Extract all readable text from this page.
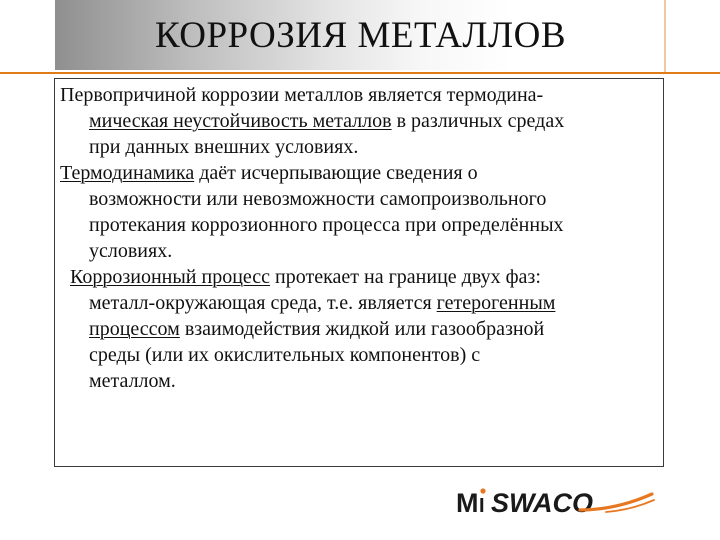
КОРРОЗИЯ МЕТАЛЛОВ

Первопричиной коррозии металлов является термодина-
мическая неустойчивость металлов в различных средах
при данных внешних условиях.

Термодинамика даёт исчерпывающие сведения о
возможности или невозможности самопроизвольного
протекания коррозионного процесса при определённых
условиях.

Коррозионный процесс протекает на границе двух фаз:
металл-окружающая среда, т.е. является гетерогенным
процессом взаимодействия жидкой или газообразной
среды (или их окислительных компонентов) с
металлом.

M I SWACO
